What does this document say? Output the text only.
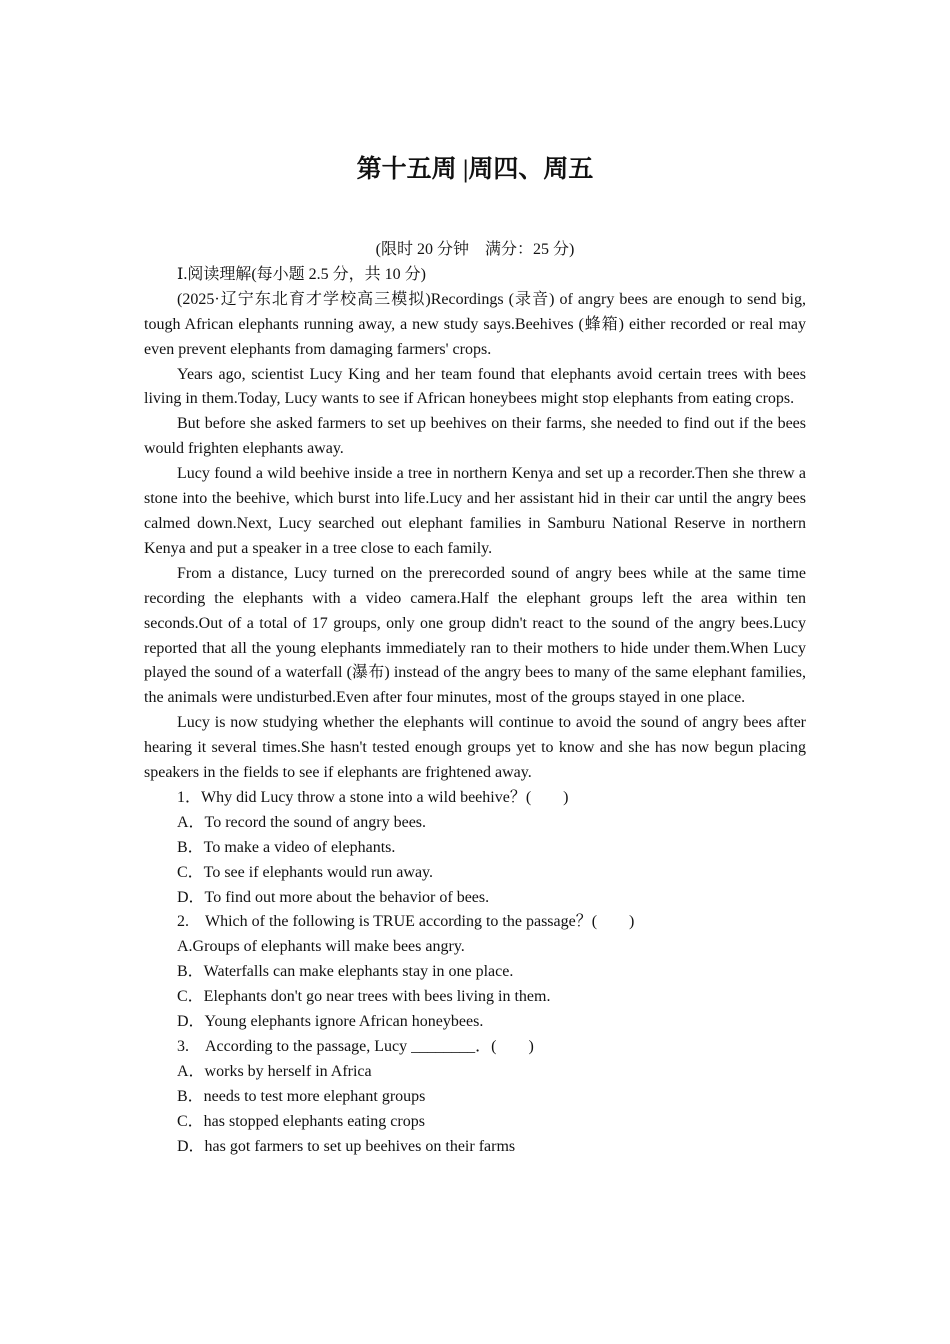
第十五周 |周四、周五

(限时 20 分钟　满分：25 分)

Ⅰ.阅读理解(每小题 2.5 分，共 10 分)

(2025·辽宁东北育才学校高三模拟)Recordings (录音) of angry bees are enough to send big, tough African elephants running away, a new study says.Beehives (蜂箱) either recorded or real may even prevent elephants from damaging farmers' crops.

Years ago, scientist Lucy King and her team found that elephants avoid certain trees with bees living in them.Today, Lucy wants to see if African honeybees might stop elephants from eating crops.

But before she asked farmers to set up beehives on their farms, she needed to find out if the bees would frighten elephants away.

Lucy found a wild beehive inside a tree in northern Kenya and set up a recorder.Then she threw a stone into the beehive, which burst into life.Lucy and her assistant hid in their car until the angry bees calmed down.Next, Lucy searched out elephant families in Samburu National Reserve in northern Kenya and put a speaker in a tree close to each family.

From a distance, Lucy turned on the prerecorded sound of angry bees while at the same time recording the elephants with a video camera.Half the elephant groups left the area within ten seconds.Out of a total of 17 groups, only one group didn't react to the sound of the angry bees.Lucy reported that all the young elephants immediately ran to their mothers to hide under them.When Lucy played the sound of a waterfall (瀑布) instead of the angry bees to many of the same elephant families, the animals were undisturbed.Even after four minutes, most of the groups stayed in one place.

Lucy is now studying whether the elephants will continue to avoid the sound of angry bees after hearing it several times.She hasn't tested enough groups yet to know and she has now begun placing speakers in the fields to see if elephants are frightened away.

1．Why did Lucy throw a stone into a wild beehive？(　　)

A．To record the sound of angry bees.

B．To make a video of elephants.

C．To see if elephants would run away.

D．To find out more about the behavior of bees.

2.　Which of the following is TRUE according to the passage？(　　)

A.Groups of elephants will make bees angry.

B．Waterfalls can make elephants stay in one place.

C．Elephants don't go near trees with bees living in them.

D．Young elephants ignore African honeybees.

3.　According to the passage, Lucy ________．(　　)

A．works by herself in Africa

B．needs to test more elephant groups

C．has stopped elephants eating crops

D．has got farmers to set up beehives on their farms
